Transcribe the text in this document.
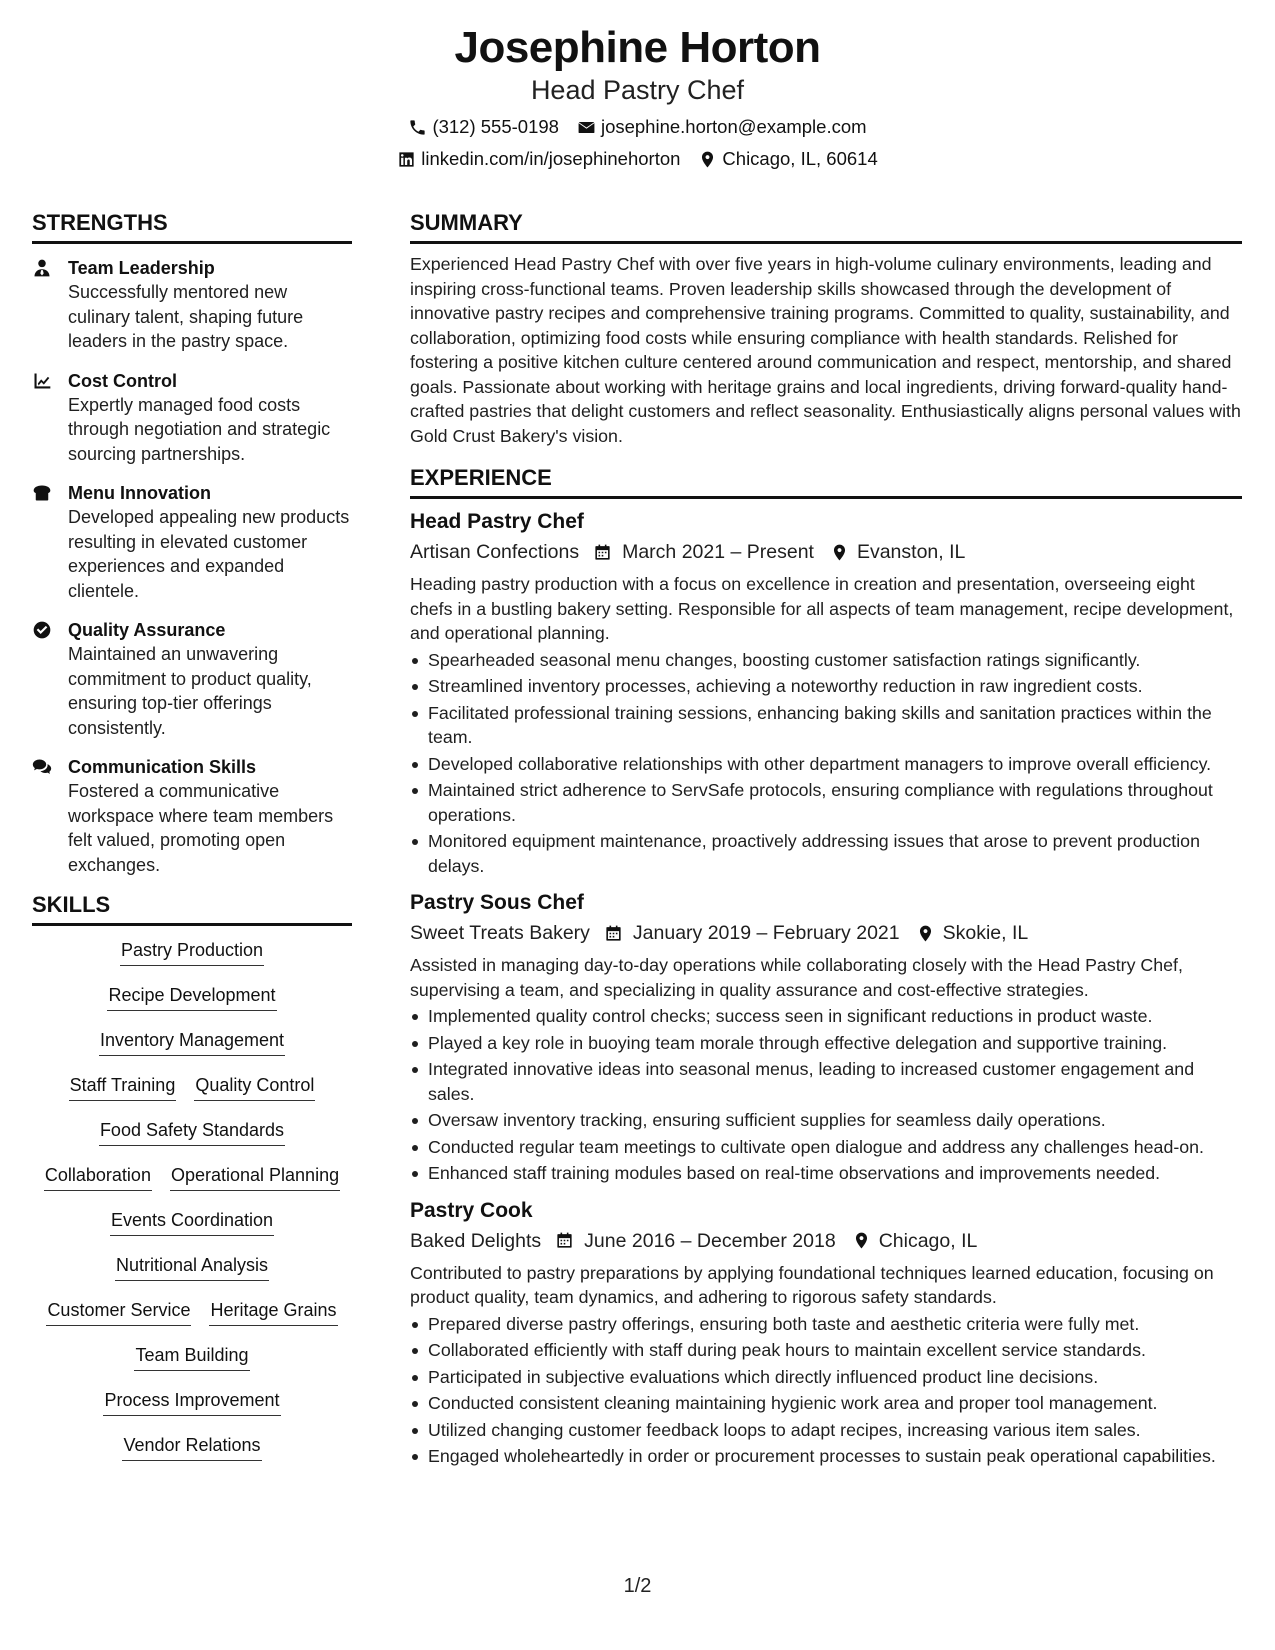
Josephine Horton
Head Pastry Chef
(312) 555-0198 josephine.horton@example.com
linkedin.com/in/josephinehorton Chicago, IL, 60614
STRENGTHS
Team Leadership
Successfully mentored new culinary talent, shaping future leaders in the pastry space.
Cost Control
Expertly managed food costs through negotiation and strategic sourcing partnerships.
Menu Innovation
Developed appealing new products resulting in elevated customer experiences and expanded clientele.
Quality Assurance
Maintained an unwavering commitment to product quality, ensuring top-tier offerings consistently.
Communication Skills
Fostered a communicative workspace where team members felt valued, promoting open exchanges.
SKILLS
Pastry Production
Recipe Development
Inventory Management
Staff Training Quality Control
Food Safety Standards
Collaboration Operational Planning
Events Coordination
Nutritional Analysis
Customer Service Heritage Grains
Team Building
Process Improvement
Vendor Relations
SUMMARY
Experienced Head Pastry Chef with over five years in high-volume culinary environments, leading and inspiring cross-functional teams. Proven leadership skills showcased through the development of innovative pastry recipes and comprehensive training programs. Committed to quality, sustainability, and collaboration, optimizing food costs while ensuring compliance with health standards. Relished for fostering a positive kitchen culture centered around communication and respect, mentorship, and shared goals. Passionate about working with heritage grains and local ingredients, driving forward-quality hand-crafted pastries that delight customers and reflect seasonality. Enthusiastically aligns personal values with Gold Crust Bakery's vision.
EXPERIENCE
Head Pastry Chef
Artisan Confections March 2021 – Present Evanston, IL
Heading pastry production with a focus on excellence in creation and presentation, overseeing eight chefs in a bustling bakery setting. Responsible for all aspects of team management, recipe development, and operational planning.
Spearheaded seasonal menu changes, boosting customer satisfaction ratings significantly.
Streamlined inventory processes, achieving a noteworthy reduction in raw ingredient costs.
Facilitated professional training sessions, enhancing baking skills and sanitation practices within the team.
Developed collaborative relationships with other department managers to improve overall efficiency.
Maintained strict adherence to ServSafe protocols, ensuring compliance with regulations throughout operations.
Monitored equipment maintenance, proactively addressing issues that arose to prevent production delays.
Pastry Sous Chef
Sweet Treats Bakery January 2019 – February 2021 Skokie, IL
Assisted in managing day-to-day operations while collaborating closely with the Head Pastry Chef, supervising a team, and specializing in quality assurance and cost-effective strategies.
Implemented quality control checks; success seen in significant reductions in product waste.
Played a key role in buoying team morale through effective delegation and supportive training.
Integrated innovative ideas into seasonal menus, leading to increased customer engagement and sales.
Oversaw inventory tracking, ensuring sufficient supplies for seamless daily operations.
Conducted regular team meetings to cultivate open dialogue and address any challenges head-on.
Enhanced staff training modules based on real-time observations and improvements needed.
Pastry Cook
Baked Delights June 2016 – December 2018 Chicago, IL
Contributed to pastry preparations by applying foundational techniques learned education, focusing on product quality, team dynamics, and adhering to rigorous safety standards.
Prepared diverse pastry offerings, ensuring both taste and aesthetic criteria were fully met.
Collaborated efficiently with staff during peak hours to maintain excellent service standards.
Participated in subjective evaluations which directly influenced product line decisions.
Conducted consistent cleaning maintaining hygienic work area and proper tool management.
Utilized changing customer feedback loops to adapt recipes, increasing various item sales.
Engaged wholeheartedly in order or procurement processes to sustain peak operational capabilities.
1/2
